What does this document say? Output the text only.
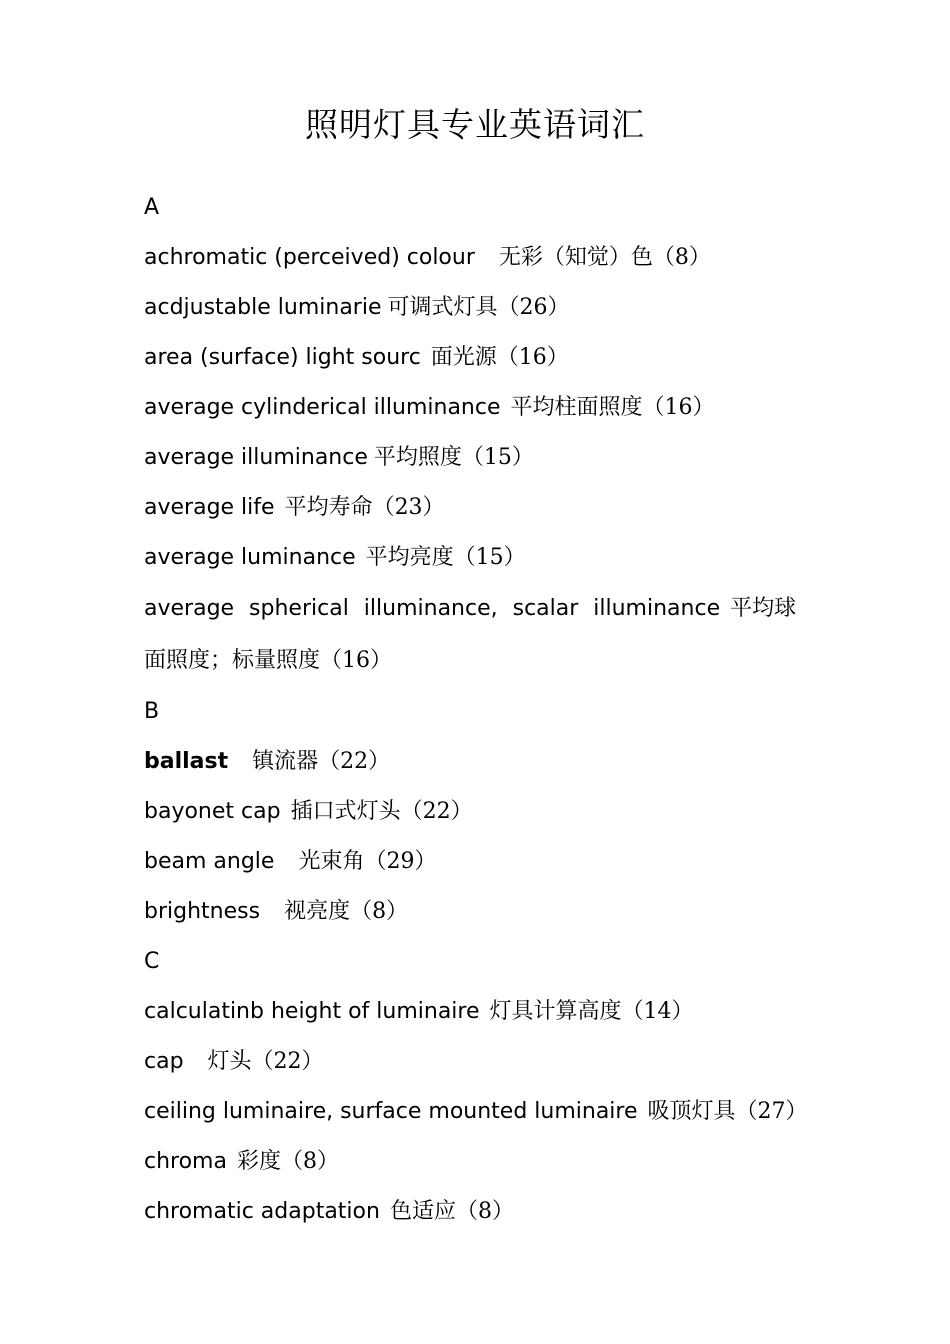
照明灯具专业英语词汇
A
achromatic (perceived) colour 无彩（知觉）色（8）
acdjustable luminarie 可调式灯具（26）
area (surface) light sourc 面光源（16）
average cylinderical illuminance 平均柱面照度（16）
average illuminance 平均照度（15）
average life 平均寿命（23）
average luminance 平均亮度（15）
average spherical illuminance, scalar illuminance 平均球面照度；标量照度（16）
B
ballast 镇流器（22）
bayonet cap 插口式灯头（22）
beam angle 光束角（29）
brightness 视亮度（8）
C
calculatinb height of luminaire 灯具计算高度（14）
cap 灯头（22）
ceiling luminaire, surface mounted luminaire 吸顶灯具（27）
chroma 彩度（8）
chromatic adaptation 色适应（8）
